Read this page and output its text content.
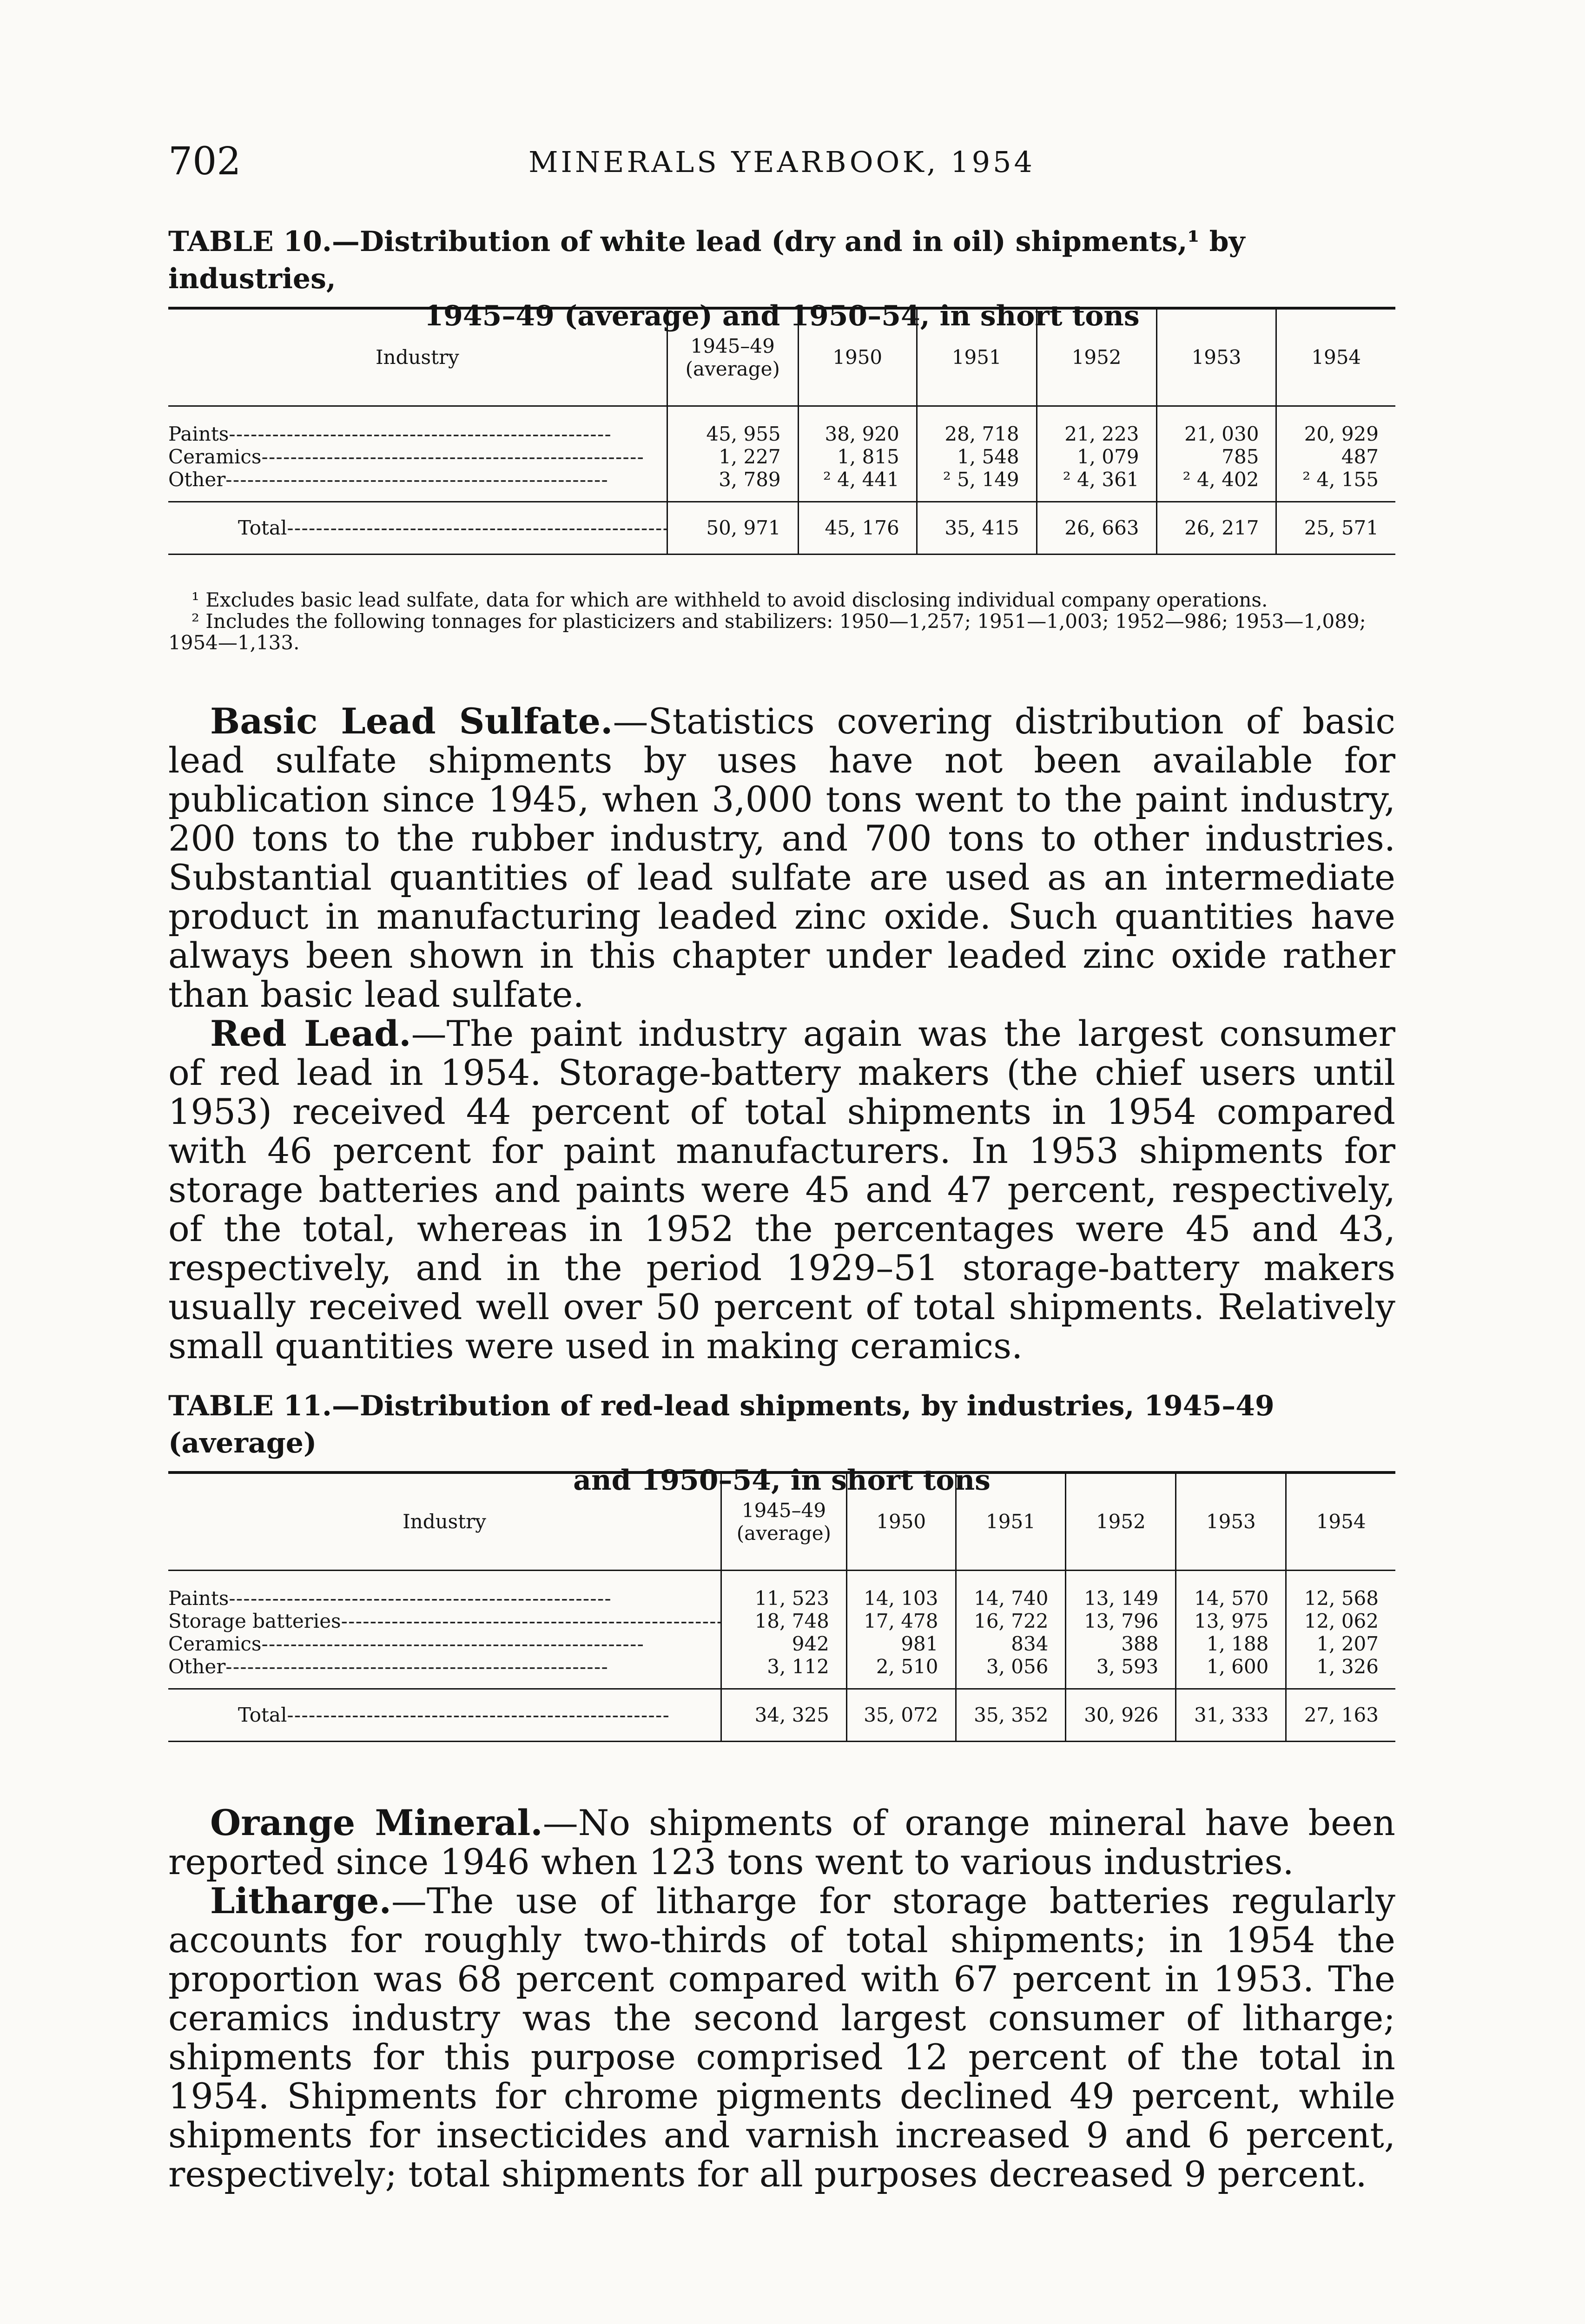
702	MINERALS YEARBOOK, 1954
TABLE 10.—Distribution of white lead (dry and in oil) shipments,¹ by industries,
1945–49 (average) and 1950–54, in short tons
Industry	1945–49 (average)	1950	1951	1952	1953	1954

Paints - - -	45, 955	38, 920	28, 718	21, 223	21, 030	20, 929

Ceramics - - -	1, 227	1, 815	1, 548	1, 079	785	487

Other - - -	3, 789	² 4, 441	² 5, 149	² 4, 361	² 4, 402	² 4, 155

Total - - -	50, 971	45, 176	35, 415	26, 663	26, 217	25, 571

¹ Excludes basic lead sulfate, data for which are withheld to avoid disclosing individual company operations.

² Includes the following tonnages for plasticizers and stabilizers: 1950—1,257; 1951—1,003; 1952—986; 1953—1,089; 1954—1,133.

Basic Lead Sulfate.—Statistics covering distribution of basic lead sulfate shipments by uses have not been available for publication since 1945, when 3,000 tons went to the paint industry, 200 tons to the rubber industry, and 700 tons to other industries. Substantial quantities of lead sulfate are used as an intermediate product in manufacturing leaded zinc oxide. Such quantities have always been shown in this chapter under leaded zinc oxide rather than basic lead sulfate.

Red Lead.—The paint industry again was the largest consumer of red lead in 1954. Storage-battery makers (the chief users until 1953) received 44 percent of total shipments in 1954 compared with 46 percent for paint manufacturers. In 1953 shipments for storage batteries and paints were 45 and 47 percent, respectively, of the total, whereas in 1952 the percentages were 45 and 43, respectively, and in the period 1929–51 storage-battery makers usually received well over 50 percent of total shipments. Relatively small quantities were used in making ceramics.

TABLE 11.—Distribution of red-lead shipments, by industries, 1945–49 (average)
and 1950–54, in short tons
Industry	1945–49 (average)	1950	1951	1952	1953	1954

Paints - - -	11, 523	14, 103	14, 740	13, 149	14, 570	12, 568

Storage batteries - - -	18, 748	17, 478	16, 722	13, 796	13, 975	12, 062

Ceramics - - -	942	981	834	388	1, 188	1, 207

Other - - -	3, 112	2, 510	3, 056	3, 593	1, 600	1, 326

Total - - -	34, 325	35, 072	35, 352	30, 926	31, 333	27, 163

Orange Mineral.—No shipments of orange mineral have been reported since 1946 when 123 tons went to various industries.

Litharge.—The use of litharge for storage batteries regularly accounts for roughly two-thirds of total shipments; in 1954 the proportion was 68 percent compared with 67 percent in 1953. The ceramics industry was the second largest consumer of litharge; shipments for this purpose comprised 12 percent of the total in 1954. Shipments for chrome pigments declined 49 percent, while shipments for insecticides and varnish increased 9 and 6 percent, respectively; total shipments for all purposes decreased 9 percent.
